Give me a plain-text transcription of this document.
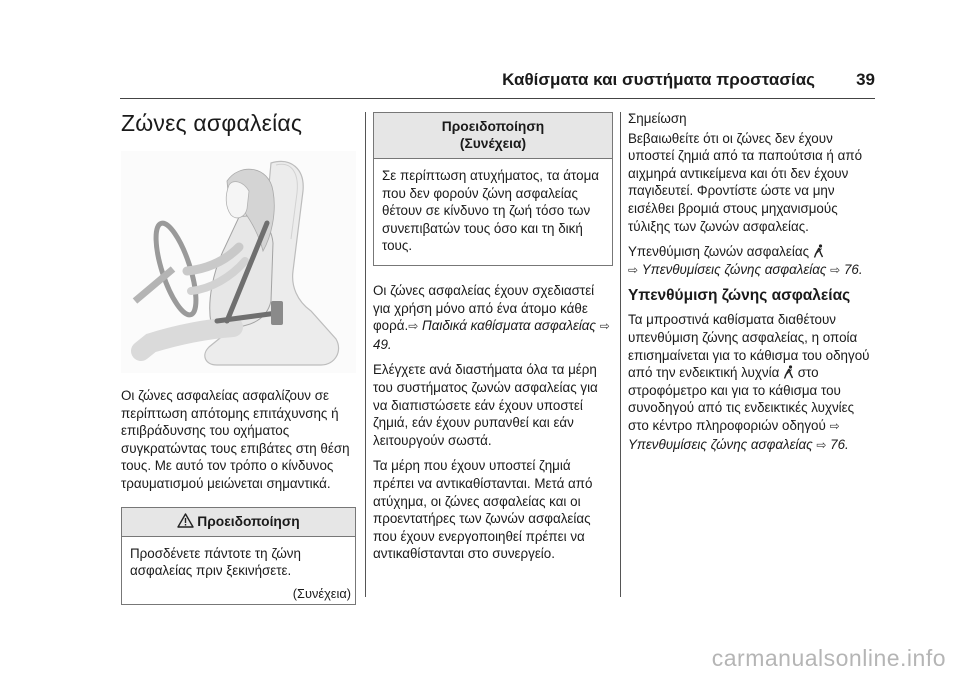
Καθίσματα και συστήματα προστασίας 39
Ζώνες ασφαλείας

Οι ζώνες ασφαλείας ασφαλίζουν σε περίπτωση απότομης επιτάχυνσης ή επιβράδυνσης του οχήματος συγκρατώντας τους επιβάτες στη θέση τους. Με αυτό τον τρόπο ο κίνδυνος τραυματισμού μειώνεται σημαντικά.

Προειδοποίηση
Προσδένετε πάντοτε τη ζώνη ασφαλείας πριν ξεκινήσετε.
(Συνέχεια)
Προειδοποίηση
(Συνέχεια)
Σε περίπτωση ατυχήματος, τα άτομα που δεν φορούν ζώνη ασφαλείας θέτουν σε κίνδυνο τη ζωή τόσο των συνεπιβατών τους όσο και τη δική τους.

Οι ζώνες ασφαλείας έχουν σχεδιαστεί για χρήση μόνο από ένα άτομο κάθε φορά.⇨ Παιδικά καθίσματα ασφαλείας ⇨ 49.

Ελέγχετε ανά διαστήματα όλα τα μέρη του συστήματος ζωνών ασφαλείας για να διαπιστώσετε εάν έχουν υποστεί ζημιά, εάν έχουν ρυπανθεί και εάν λειτουργούν σωστά.

Τα μέρη που έχουν υποστεί ζημιά πρέπει να αντικαθίστανται. Μετά από ατύχημα, οι ζώνες ασφαλείας και οι προεντατήρες των ζωνών ασφαλείας που έχουν ενεργοποιηθεί πρέπει να αντικαθίστανται στο συνεργείο.

Σημείωση

Βεβαιωθείτε ότι οι ζώνες δεν έχουν υποστεί ζημιά από τα παπούτσια ή από αιχμηρά αντικείμενα και ότι δεν έχουν παγιδευτεί. Φροντίστε ώστε να μην εισέλθει βρομιά στους μηχανισμούς τύλιξης των ζωνών ασφαλείας.

Υπενθύμιση ζωνών ασφαλείας
⇨ Υπενθυμίσεις ζώνης ασφαλείας ⇨ 76.

Υπενθύμιση ζώνης ασφαλείας

Τα μπροστινά καθίσματα διαθέτουν υπενθύμιση ζώνης ασφαλείας, η οποία επισημαίνεται για το κάθισμα του οδηγού από την ενδεικτική λυχνία στο στροφόμετρο και για το κάθισμα του συνοδηγού από τις ενδεικτικές λυχνίες στο κέντρο πληροφοριών οδηγού ⇨ Υπενθυμίσεις ζώνης ασφαλείας ⇨ 76.

carmanualsonline.info
